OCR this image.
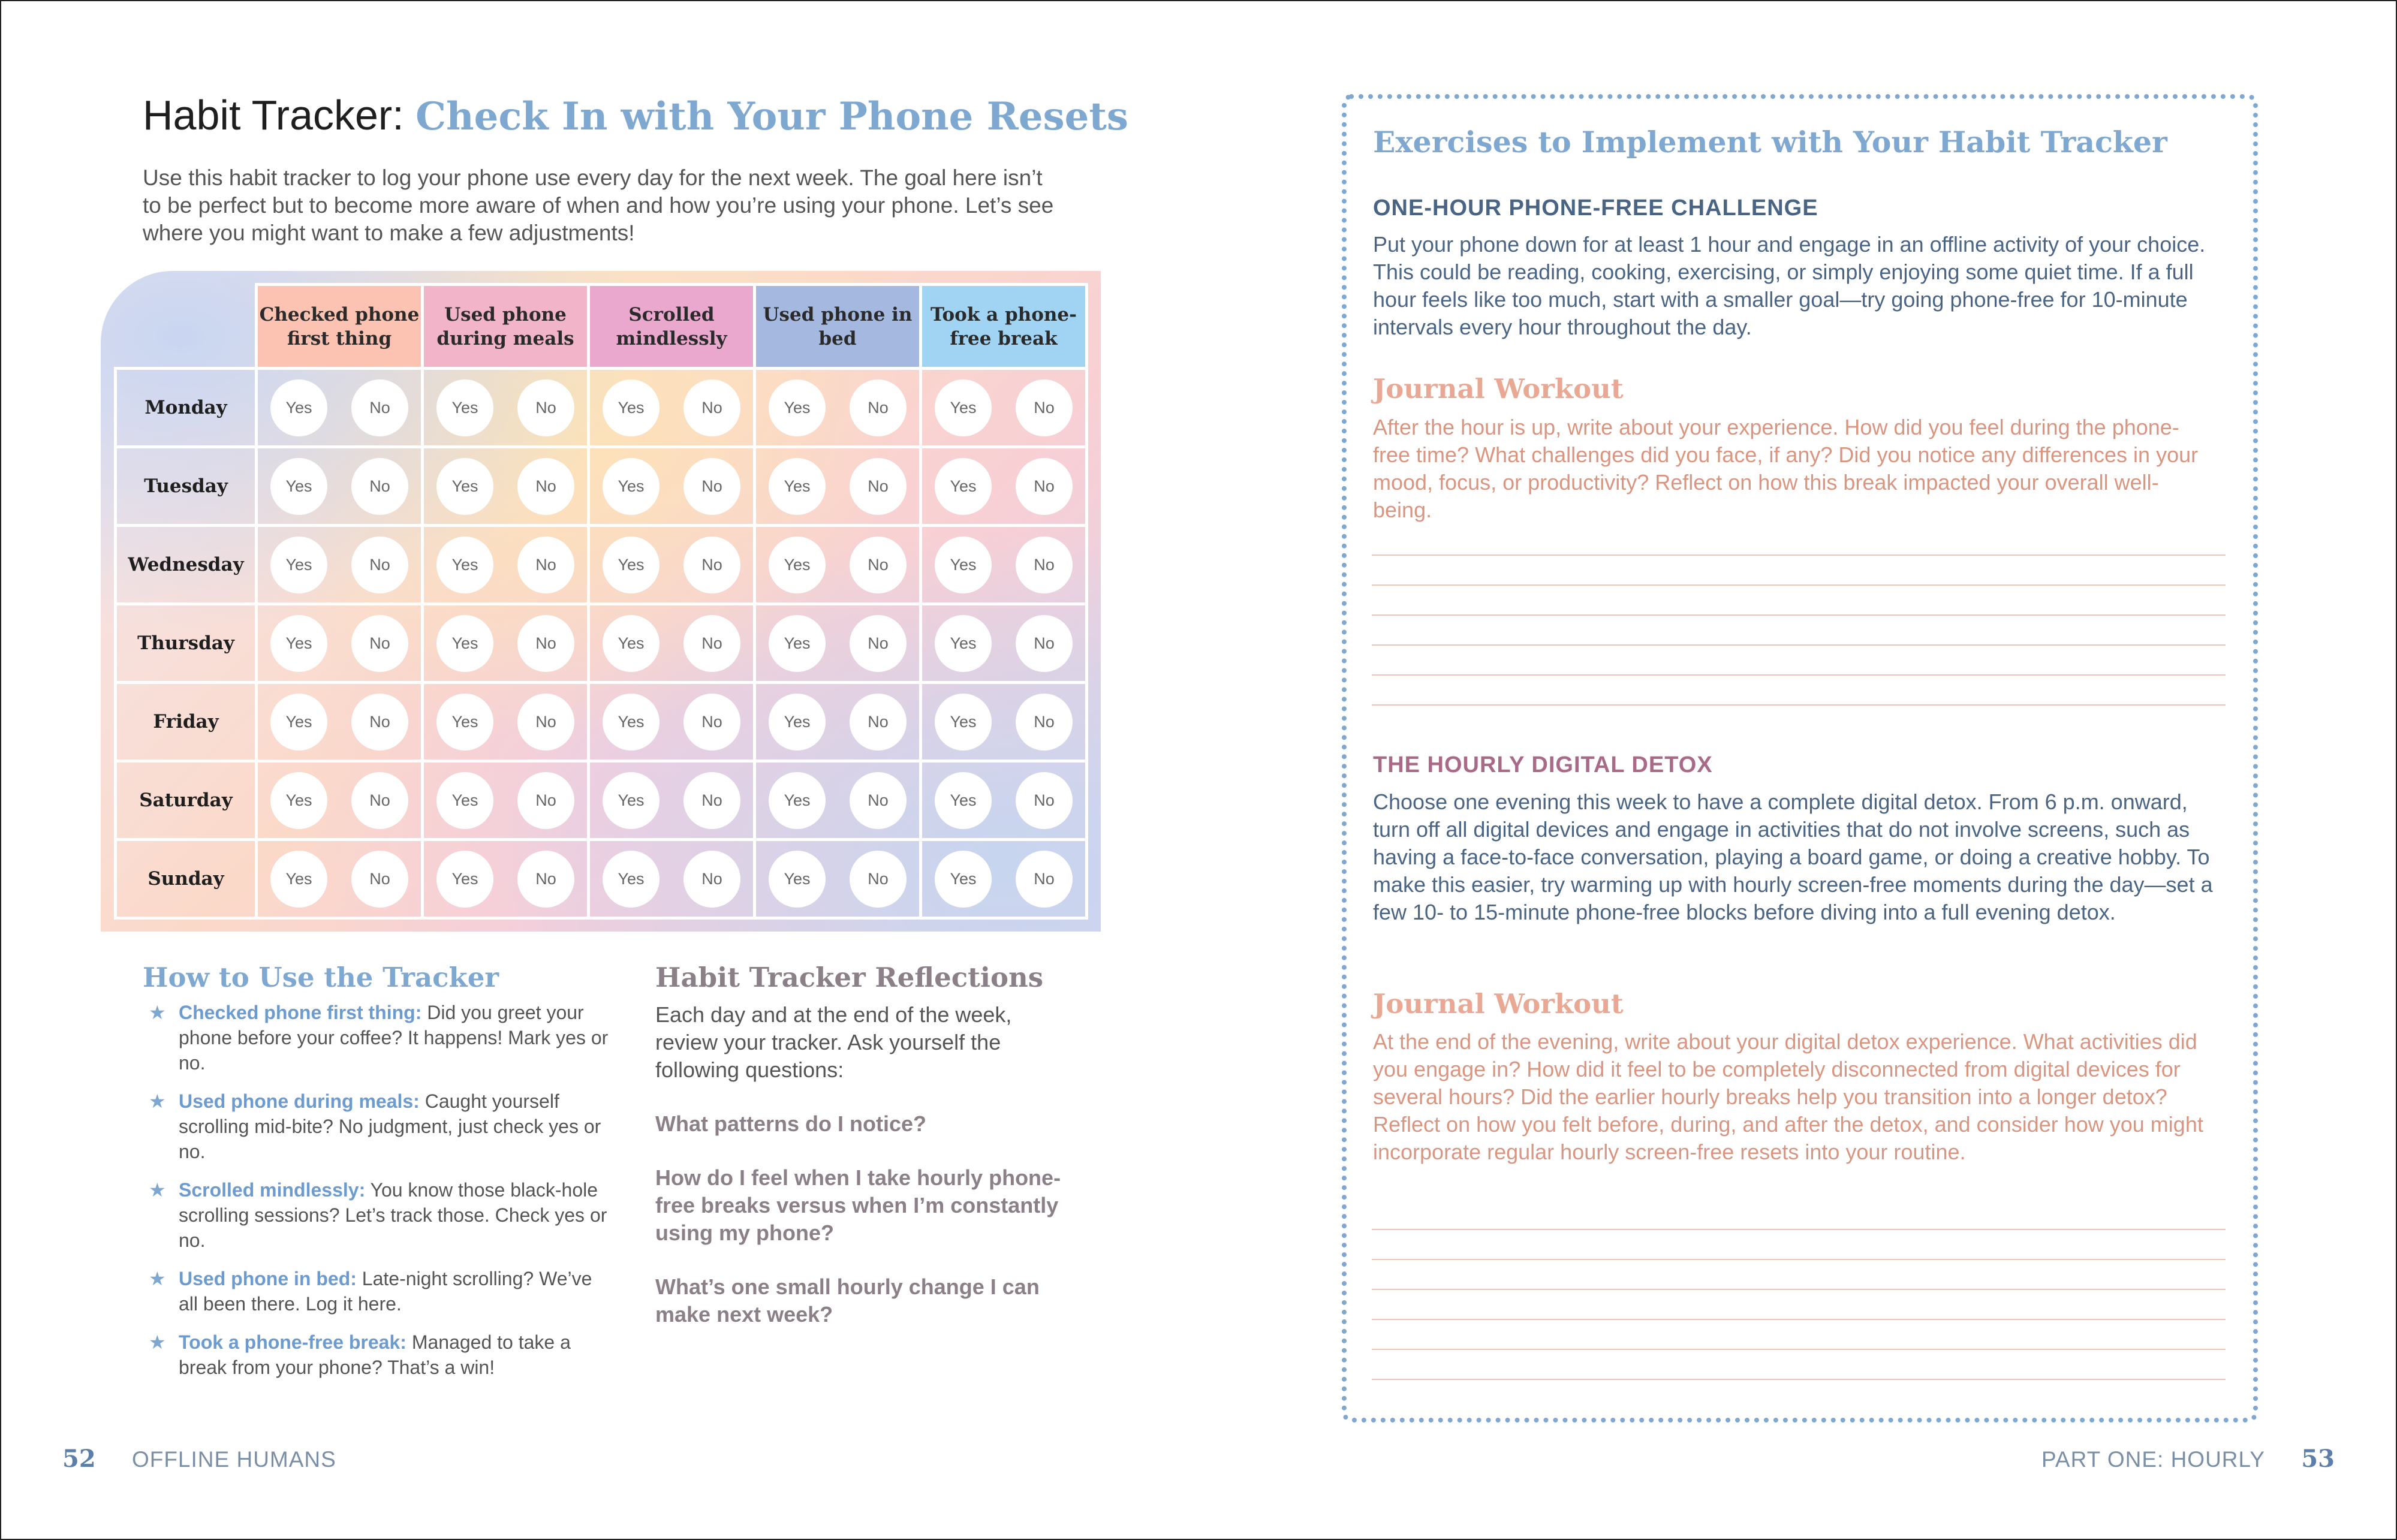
Habit Tracker: Check In with Your Phone Resets
Use this habit tracker to log your phone use every day for the next week. The goal here isn’t to be perfect but to become more aware of when and how you’re using your phone. Let’s see where you might want to make a few adjustments!
	Checked phone first thing	Used phone during meals	Scrolled mindlessly	Used phone in bed	Took a phone-free break
Monday	Yes No	Yes No	Yes No	Yes No	Yes No
Tuesday	Yes No	Yes No	Yes No	Yes No	Yes No
Wednesday	Yes No	Yes No	Yes No	Yes No	Yes No
Thursday	Yes No	Yes No	Yes No	Yes No	Yes No
Friday	Yes No	Yes No	Yes No	Yes No	Yes No
Saturday	Yes No	Yes No	Yes No	Yes No	Yes No
Sunday	Yes No	Yes No	Yes No	Yes No	Yes No
How to Use the Tracker
★ Checked phone first thing: Did you greet your phone before your coffee? It happens! Mark yes or no.
★ Used phone during meals: Caught yourself scrolling mid-bite? No judgment, just check yes or no.
★ Scrolled mindlessly: You know those black-hole scrolling sessions? Let’s track those. Check yes or no.
★ Used phone in bed: Late-night scrolling? We’ve all been there. Log it here.
★ Took a phone-free break: Managed to take a break from your phone? That’s a win!
Habit Tracker Reflections
Each day and at the end of the week, review your tracker. Ask yourself the following questions:
What patterns do I notice?
How do I feel when I take hourly phone-free breaks versus when I’m constantly using my phone?
What’s one small hourly change I can make next week?
52 OFFLINE HUMANS
Exercises to Implement with Your Habit Tracker
ONE-HOUR PHONE-FREE CHALLENGE
Put your phone down for at least 1 hour and engage in an offline activity of your choice. This could be reading, cooking, exercising, or simply enjoying some quiet time. If a full hour feels like too much, start with a smaller goal—try going phone-free for 10-minute intervals every hour throughout the day.
Journal Workout
After the hour is up, write about your experience. How did you feel during the phone-free time? What challenges did you face, if any? Did you notice any differences in your mood, focus, or productivity? Reflect on how this break impacted your overall well-being.
THE HOURLY DIGITAL DETOX
Choose one evening this week to have a complete digital detox. From 6 p.m. onward, turn off all digital devices and engage in activities that do not involve screens, such as having a face-to-face conversation, playing a board game, or doing a creative hobby. To make this easier, try warming up with hourly screen-free moments during the day—set a few 10- to 15-minute phone-free blocks before diving into a full evening detox.
Journal Workout
At the end of the evening, write about your digital detox experience. What activities did you engage in? How did it feel to be completely disconnected from digital devices for several hours? Did the earlier hourly breaks help you transition into a longer detox? Reflect on how you felt before, during, and after the detox, and consider how you might incorporate regular hourly screen-free resets into your routine.
PART ONE: HOURLY 53
